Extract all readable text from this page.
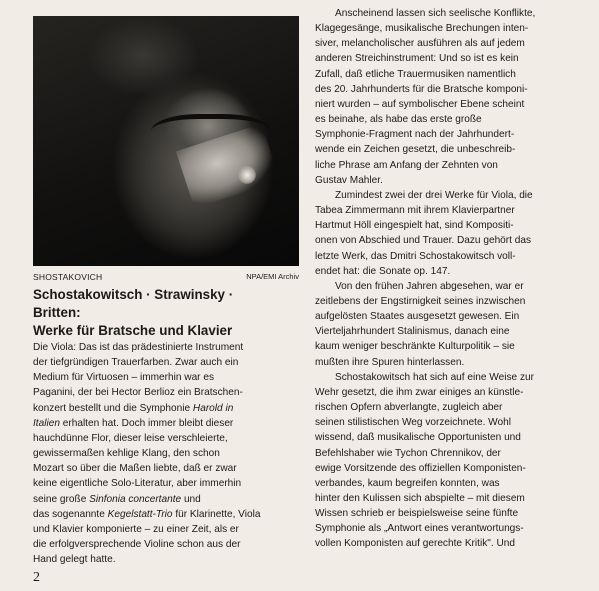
SHOSTAKOVICH	NPA/EMI Archiv
Schostakowitsch · Strawinsky ·
Britten:
Werke für Bratsche und Klavier
Die Viola: Das ist das prädestinierte Instrument
der tiefgründigen Trauerfarben. Zwar auch ein
Medium für Virtuosen – immerhin war es
Paganini, der bei Hector Berlioz ein Bratschen-
konzert bestellt und die Symphonie Harold in
Italien erhalten hat. Doch immer bleibt dieser
hauchdünne Flor, dieser leise verschleierte,
gewissermaßen kehlige Klang, den schon
Mozart so über die Maßen liebte, daß er zwar
keine eigentliche Solo-Literatur, aber immerhin
seine große Sinfonia concertante und
das sogenannte Kegelstatt-Trio für Klarinette, Viola
und Klavier komponierte – zu einer Zeit, als er
die erfolgversprechende Violine schon aus der
Hand gelegt hatte.

Anscheinend lassen sich seelische Konflikte,
Klagegesänge, musikalische Brechungen inten-
siver, melancholischer ausführen als auf jedem
anderen Streichinstrument: Und so ist es kein
Zufall, daß etliche Trauermusiken namentlich
des 20. Jahrhunderts für die Bratsche komponi-
niert wurden – auf symbolischer Ebene scheint
es beinahe, als habe das erste große
Symphonie-Fragment nach der Jahrhundert-
wende ein Zeichen gesetzt, die unbeschreib-
liche Phrase am Anfang der Zehnten von
Gustav Mahler.

Zumindest zwei der drei Werke für Viola, die
Tabea Zimmermann mit ihrem Klavierpartner
Hartmut Höll eingespielt hat, sind Kompositi-
onen von Abschied und Trauer. Dazu gehört das
letzte Werk, das Dmitri Schostakowitsch voll-
endet hat: die Sonate op. 147.

Von den frühen Jahren abgesehen, war er
zeitlebens der Engstirnigkeit seines inzwischen
aufgelösten Staates ausgesetzt gewesen. Ein
Vierteljahrhundert Stalinismus, danach eine
kaum weniger beschränkte Kulturpolitik – sie
mußten ihre Spuren hinterlassen.

Schostakowitsch hat sich auf eine Weise zur
Wehr gesetzt, die ihm zwar einiges an künstle-
rischen Opfern abverlangte, zugleich aber
seinen stilistischen Weg vorzeichnete. Wohl
wissend, daß musikalische Opportunisten und
Befehlshaber wie Tychon Chrennikov, der
ewige Vorsitzende des offiziellen Komponisten-
verbandes, kaum begreifen konnten, was
hinter den Kulissen sich abspielte – mit diesem
Wissen schrieb er beispielsweise seine fünfte
Symphonie als „Antwort eines verantwortungs-
vollen Komponisten auf gerechte Kritik". Und

2
